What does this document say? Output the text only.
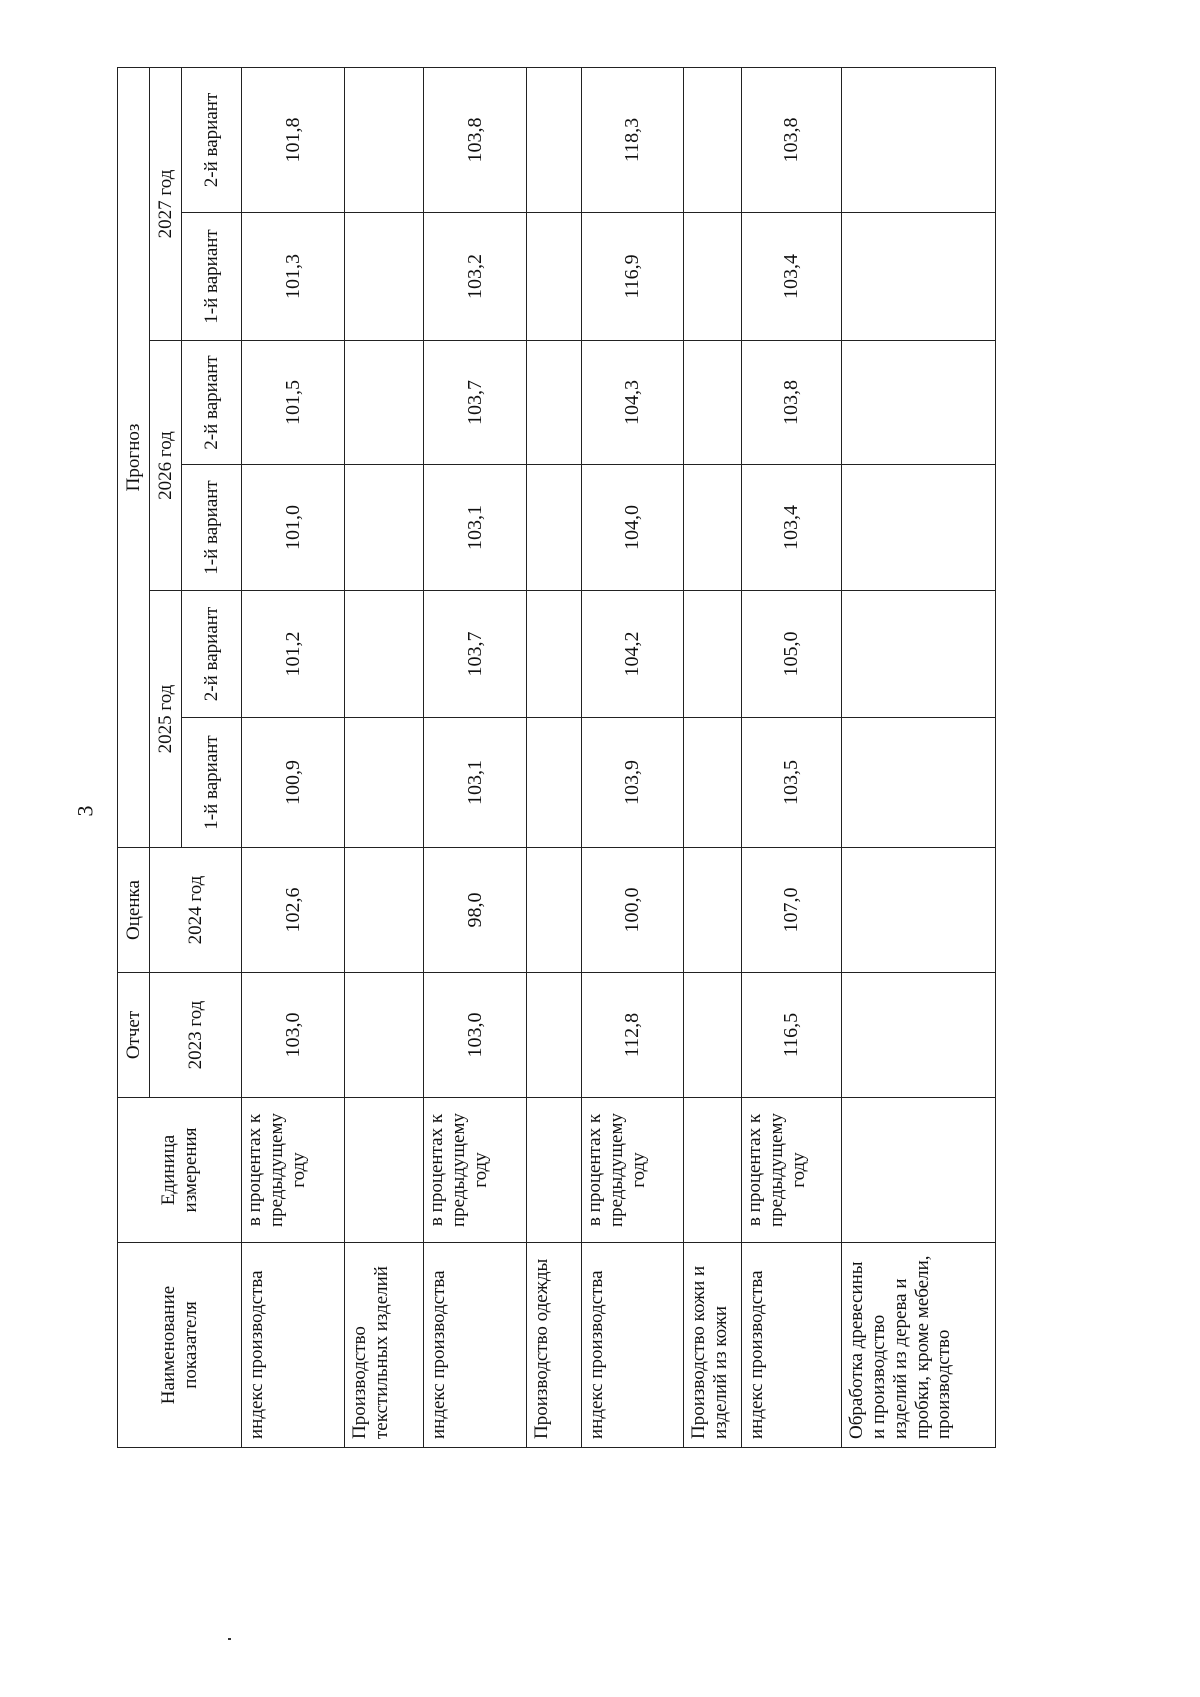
3
Наименование показателя	Единица измерения	Отчет	Оценка	Прогноз					
		2023 год	2024 год	2025 год		2026 год		2027 год	
				1-й вариант	2-й вариант	1-й вариант	2-й вариант	1-й вариант	2-й вариант
индекс производства	в процентах к предыдущему году	103,0	102,6	100,9	101,2	101,0	101,5	101,3	101,8
Производство текстильных изделий									
индекс производства	в процентах к предыдущему году	103,0	98,0	103,1	103,7	103,1	103,7	103,2	103,8
Производство одежды									
индекс производства	в процентах к предыдущему году	112,8	100,0	103,9	104,2	104,0	104,3	116,9	118,3
Производство кожи и изделий из кожи									
индекс производства	в процентах к предыдущему году	116,5	107,0	103,5	105,0	103,4	103,8	103,4	103,8
Обработка древесины и производство изделий из дерева и пробки, кроме мебели, производство									
